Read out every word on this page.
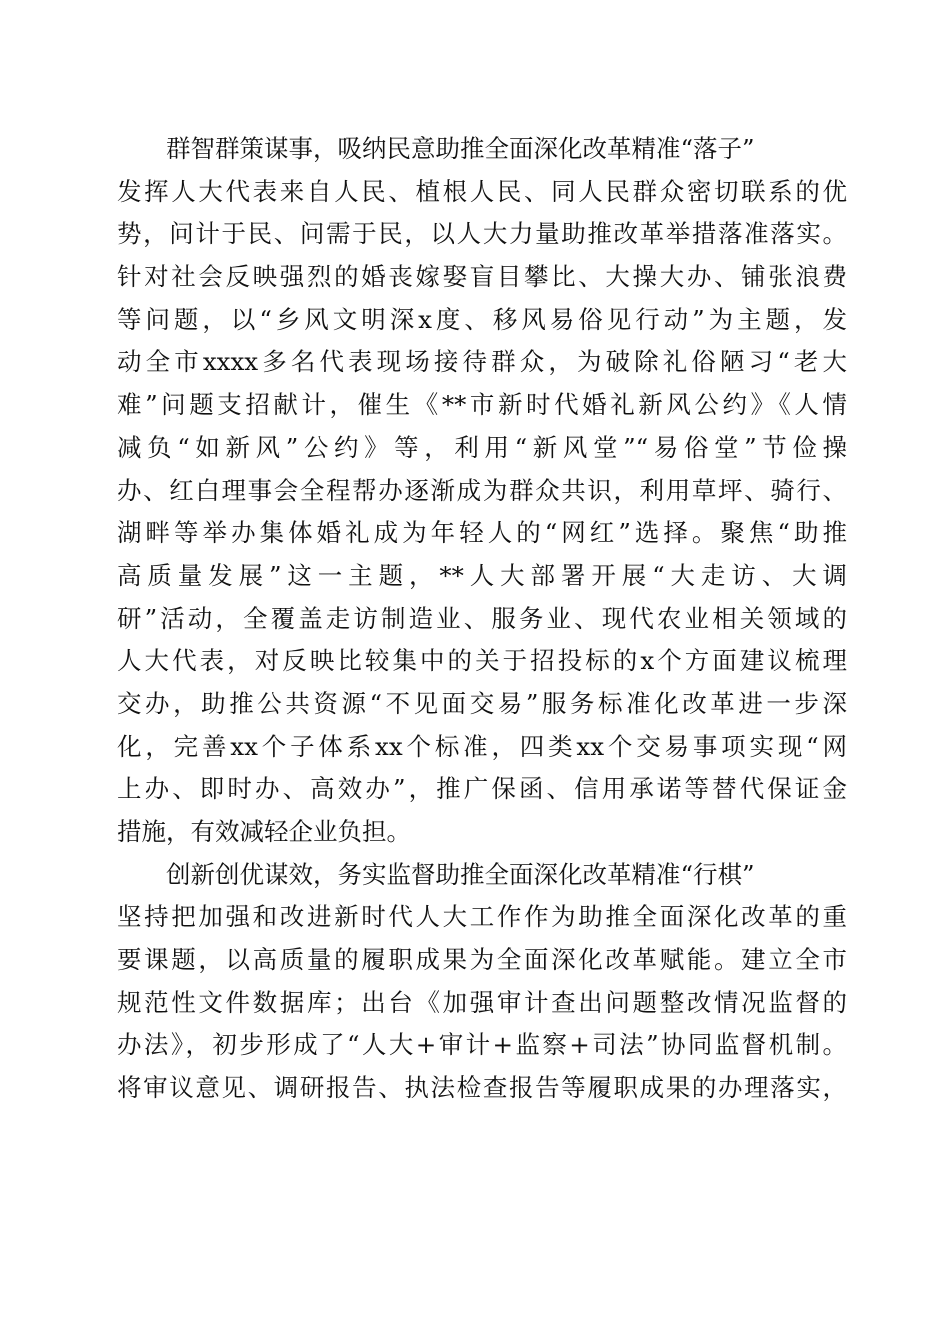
群智群策谋事，吸纳民意助推全面深化改革精准“落子”
发挥人大代表来自人民、植根人民、同人民群众密切联系的优
势，问计于民、问需于民，以人大力量助推改革举措落准落实。
针对社会反映强烈的婚丧嫁娶盲目攀比、大操大办、铺张浪费
等问题，以“乡风文明深x度、移风易俗见行动”为主题，发
动全市xxxx多名代表现场接待群众，为破除礼俗陋习“老大
难”问题支招献计，催生《**市新时代婚礼新风公约》《人情
减负“如新风”公约》等，利用“新风堂”“易俗堂”节俭操
办、红白理事会全程帮办逐渐成为群众共识，利用草坪、骑行、
湖畔等举办集体婚礼成为年轻人的“网红”选择。聚焦“助推
高质量发展”这一主题，**人大部署开展“大走访、大调
研”活动，全覆盖走访制造业、服务业、现代农业相关领域的
人大代表，对反映比较集中的关于招投标的x个方面建议梳理
交办，助推公共资源“不见面交易”服务标准化改革进一步深
化，完善xx个子体系xx个标准，四类xx个交易事项实现“网
上办、即时办、高效办”，推广保函、信用承诺等替代保证金
措施，有效减轻企业负担。
创新创优谋效，务实监督助推全面深化改革精准“行棋”
坚持把加强和改进新时代人大工作作为助推全面深化改革的重
要课题，以高质量的履职成果为全面深化改革赋能。建立全市
规范性文件数据库；出台《加强审计查出问题整改情况监督的
办法》，初步形成了“人大+审计+监察+司法”协同监督机制。
将审议意见、调研报告、执法检查报告等履职成果的办理落实，
